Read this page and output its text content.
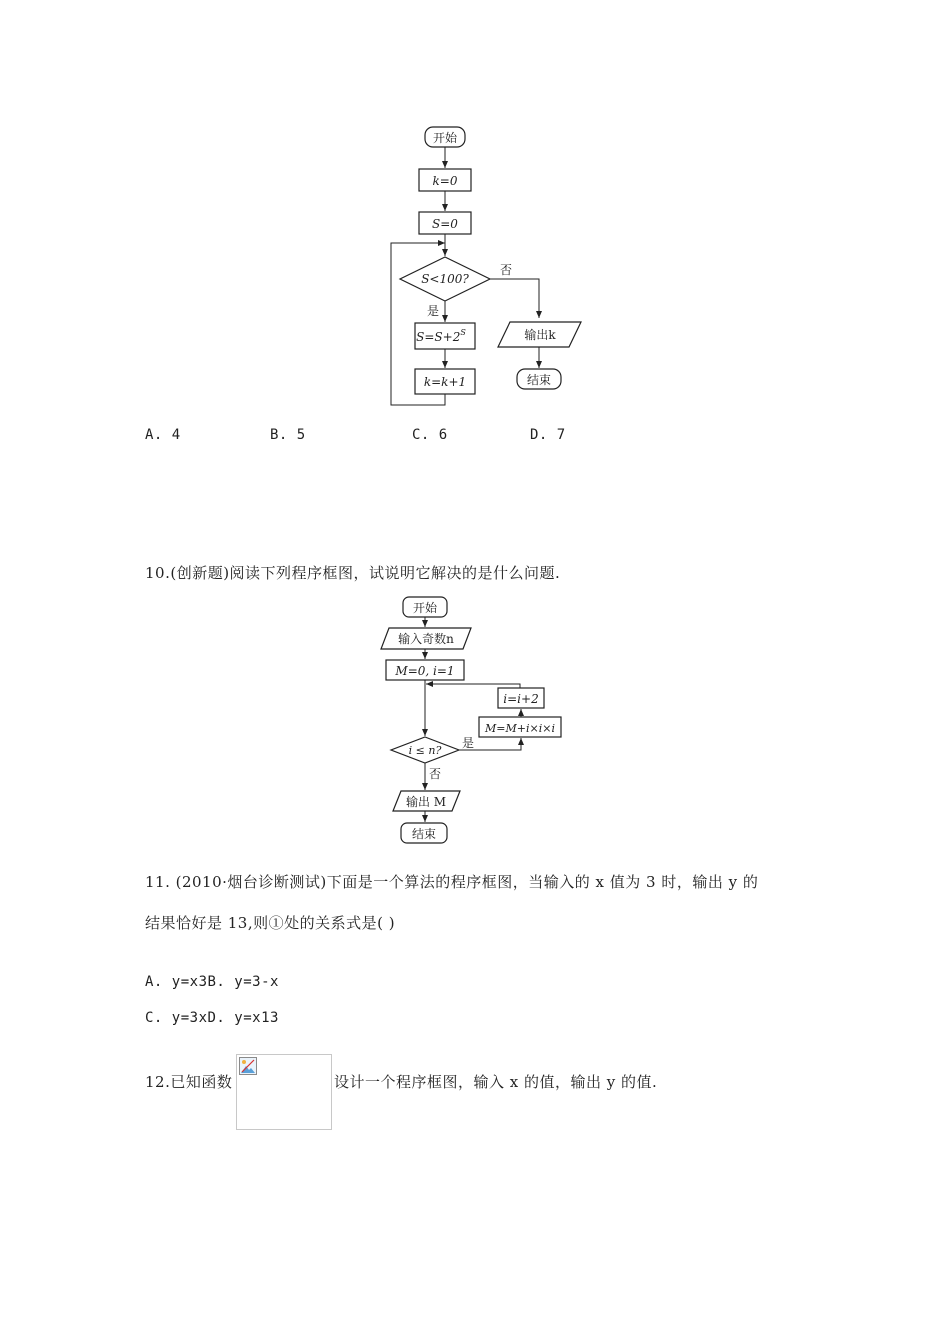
开始
k=0
S=0
S<100?
否
是
$S=S+2^S$
k=k+1
输出k
结束
A. 4	B. 5	C. 6	D. 7
10.(创新题)阅读下列程序框图，试说明它解决的是什么问题.
开始
输入奇数n
M=0, i=1
i=i+2
M=M+i×i×i
i ≤ n?
是
否
输出 M
结束
11. (2010·烟台诊断测试)下面是一个算法的程序框图，当输入的 x 值为 3 时，输出 y 的
结果恰好是 13,则①处的关系式是( )
A. y=x3B. y=3-x
C. y=3xD. y=x13
12.已知函数	设计一个程序框图，输入 x 的值，输出 y 的值.
